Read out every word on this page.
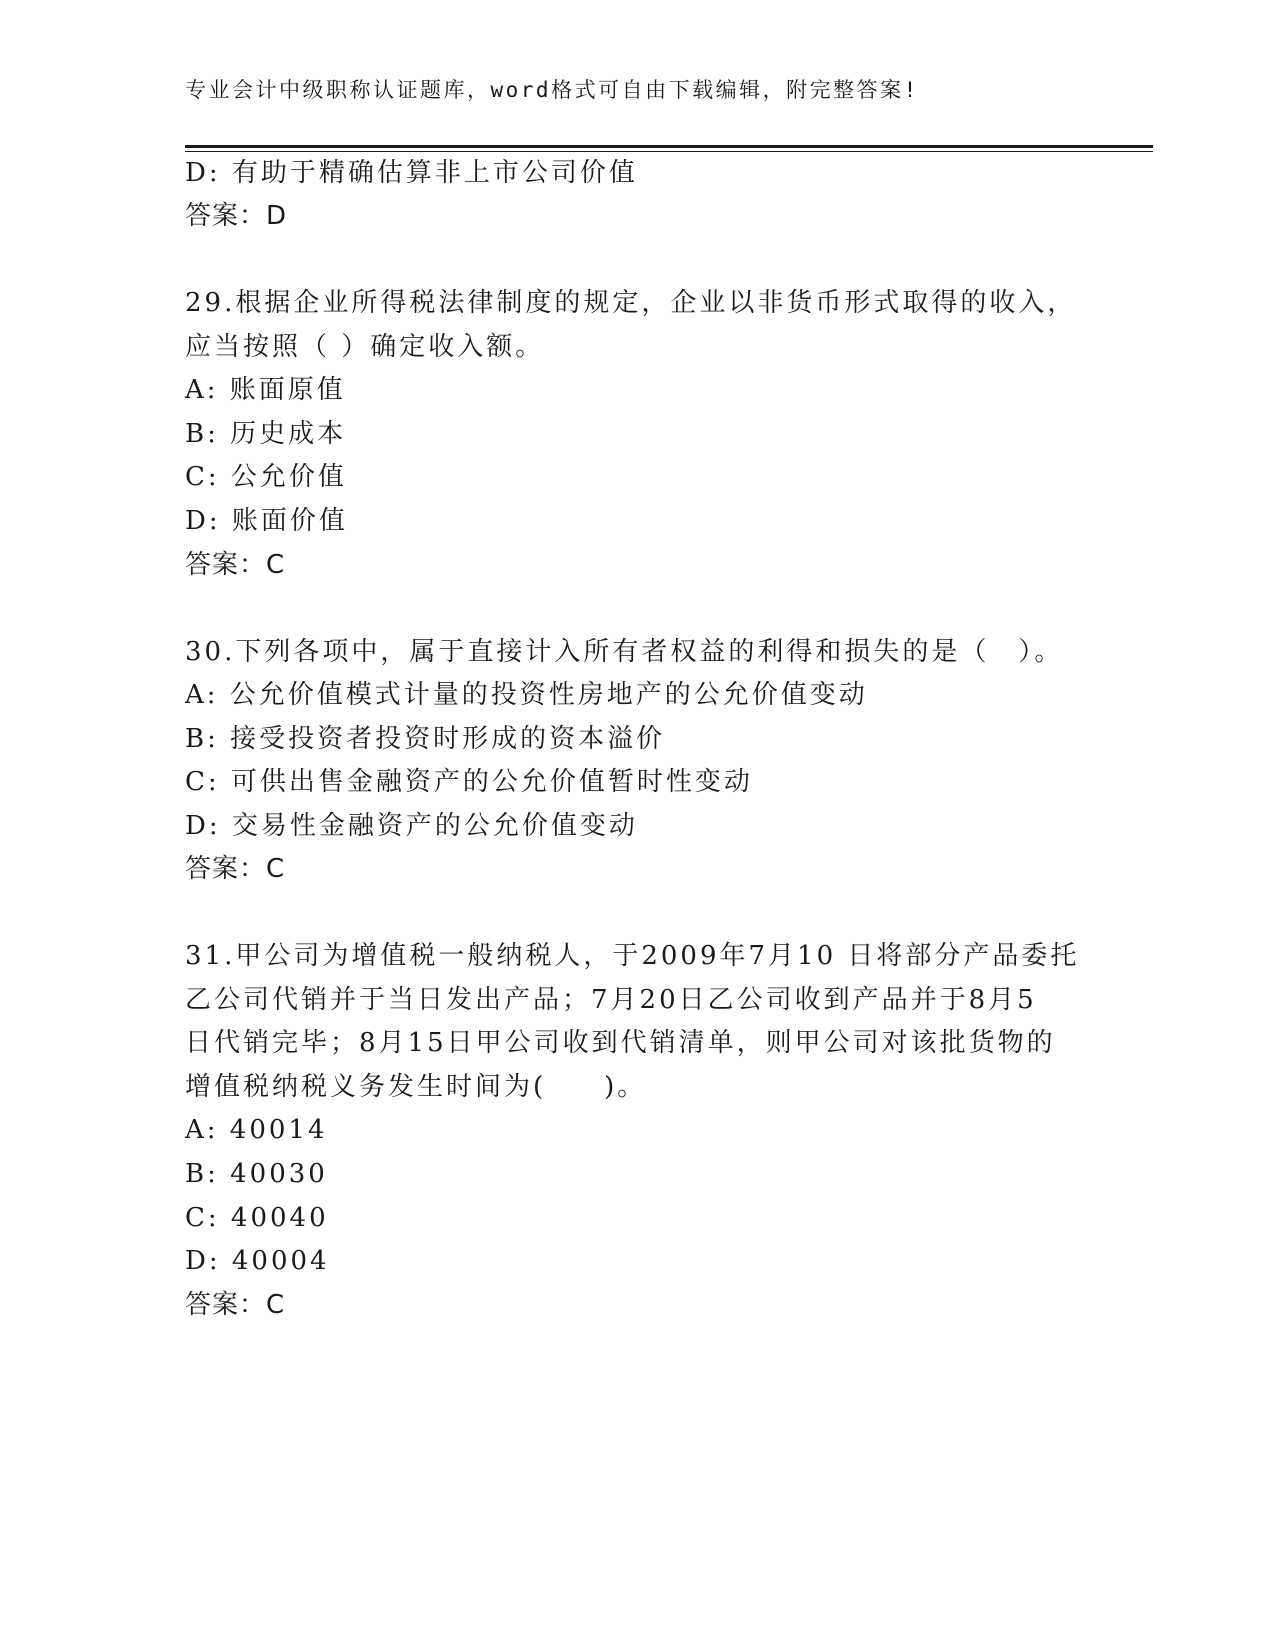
专业会计中级职称认证题库，word格式可自由下载编辑，附完整答案!
D: 有助于精确估算非上市公司价值
答案：D
29.根据企业所得税法律制度的规定，企业以非货币形式取得的收入，
应当按照（ ）确定收入额。
A: 账面原值
B: 历史成本
C: 公允价值
D: 账面价值
答案：C
30.下列各项中，属于直接计入所有者权益的利得和损失的是（　）。
A: 公允价值模式计量的投资性房地产的公允价值变动
B: 接受投资者投资时形成的资本溢价
C: 可供出售金融资产的公允价值暂时性变动
D: 交易性金融资产的公允价值变动
答案：C
31.甲公司为增值税一般纳税人，于2009年7月10 日将部分产品委托
乙公司代销并于当日发出产品；7月20日乙公司收到产品并于8月5
日代销完毕；8月15日甲公司收到代销清单，则甲公司对该批货物的
增值税纳税义务发生时间为(　　)。
A: 40014
B: 40030
C: 40040
D: 40004
答案：C
